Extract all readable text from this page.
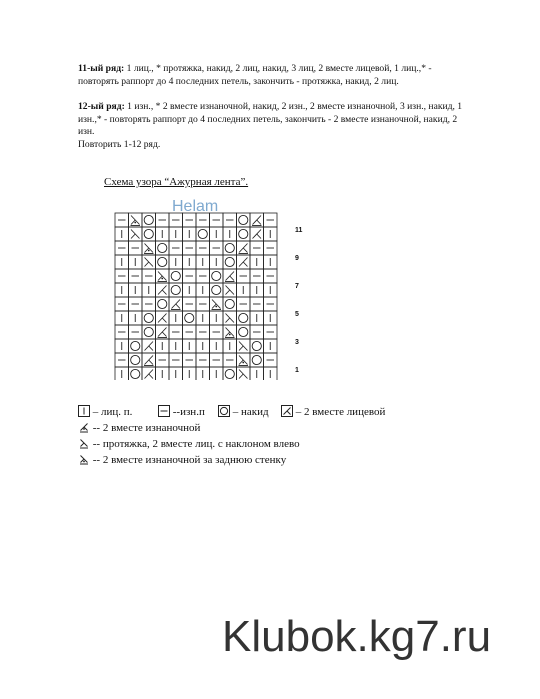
11-ый ряд: 1 лиц., * протяжка, накид, 2 лиц, накид, 3 лиц, 2 вместе лицевой, 1 лиц.,* - повторять раппорт до 4 последних петель, закончить - протяжка, накид, 2 лиц.
12-ый ряд: 1 изн., * 2 вместе изнаночной, накид, 2 изн., 2 вместе изнаночной, 3 изн., накид, 1 изн.,* - повторять раппорт до 4 последних петель, закончить - 2 вместе изнаночной, накид, 2 изн.
Повторить 1-12 ряд.
Схема узора “Ажурная лента”.
Helam
11
9
7
5
3
1
– лиц. п.	--изн.п	– накид	– 2 вместе лицевой
-- 2 вместе изнаночной
-- протяжка, 2 вместе лиц. с наклоном влево
-- 2 вместе изнаночной за заднюю стенку
Klubok.kg7.ru
